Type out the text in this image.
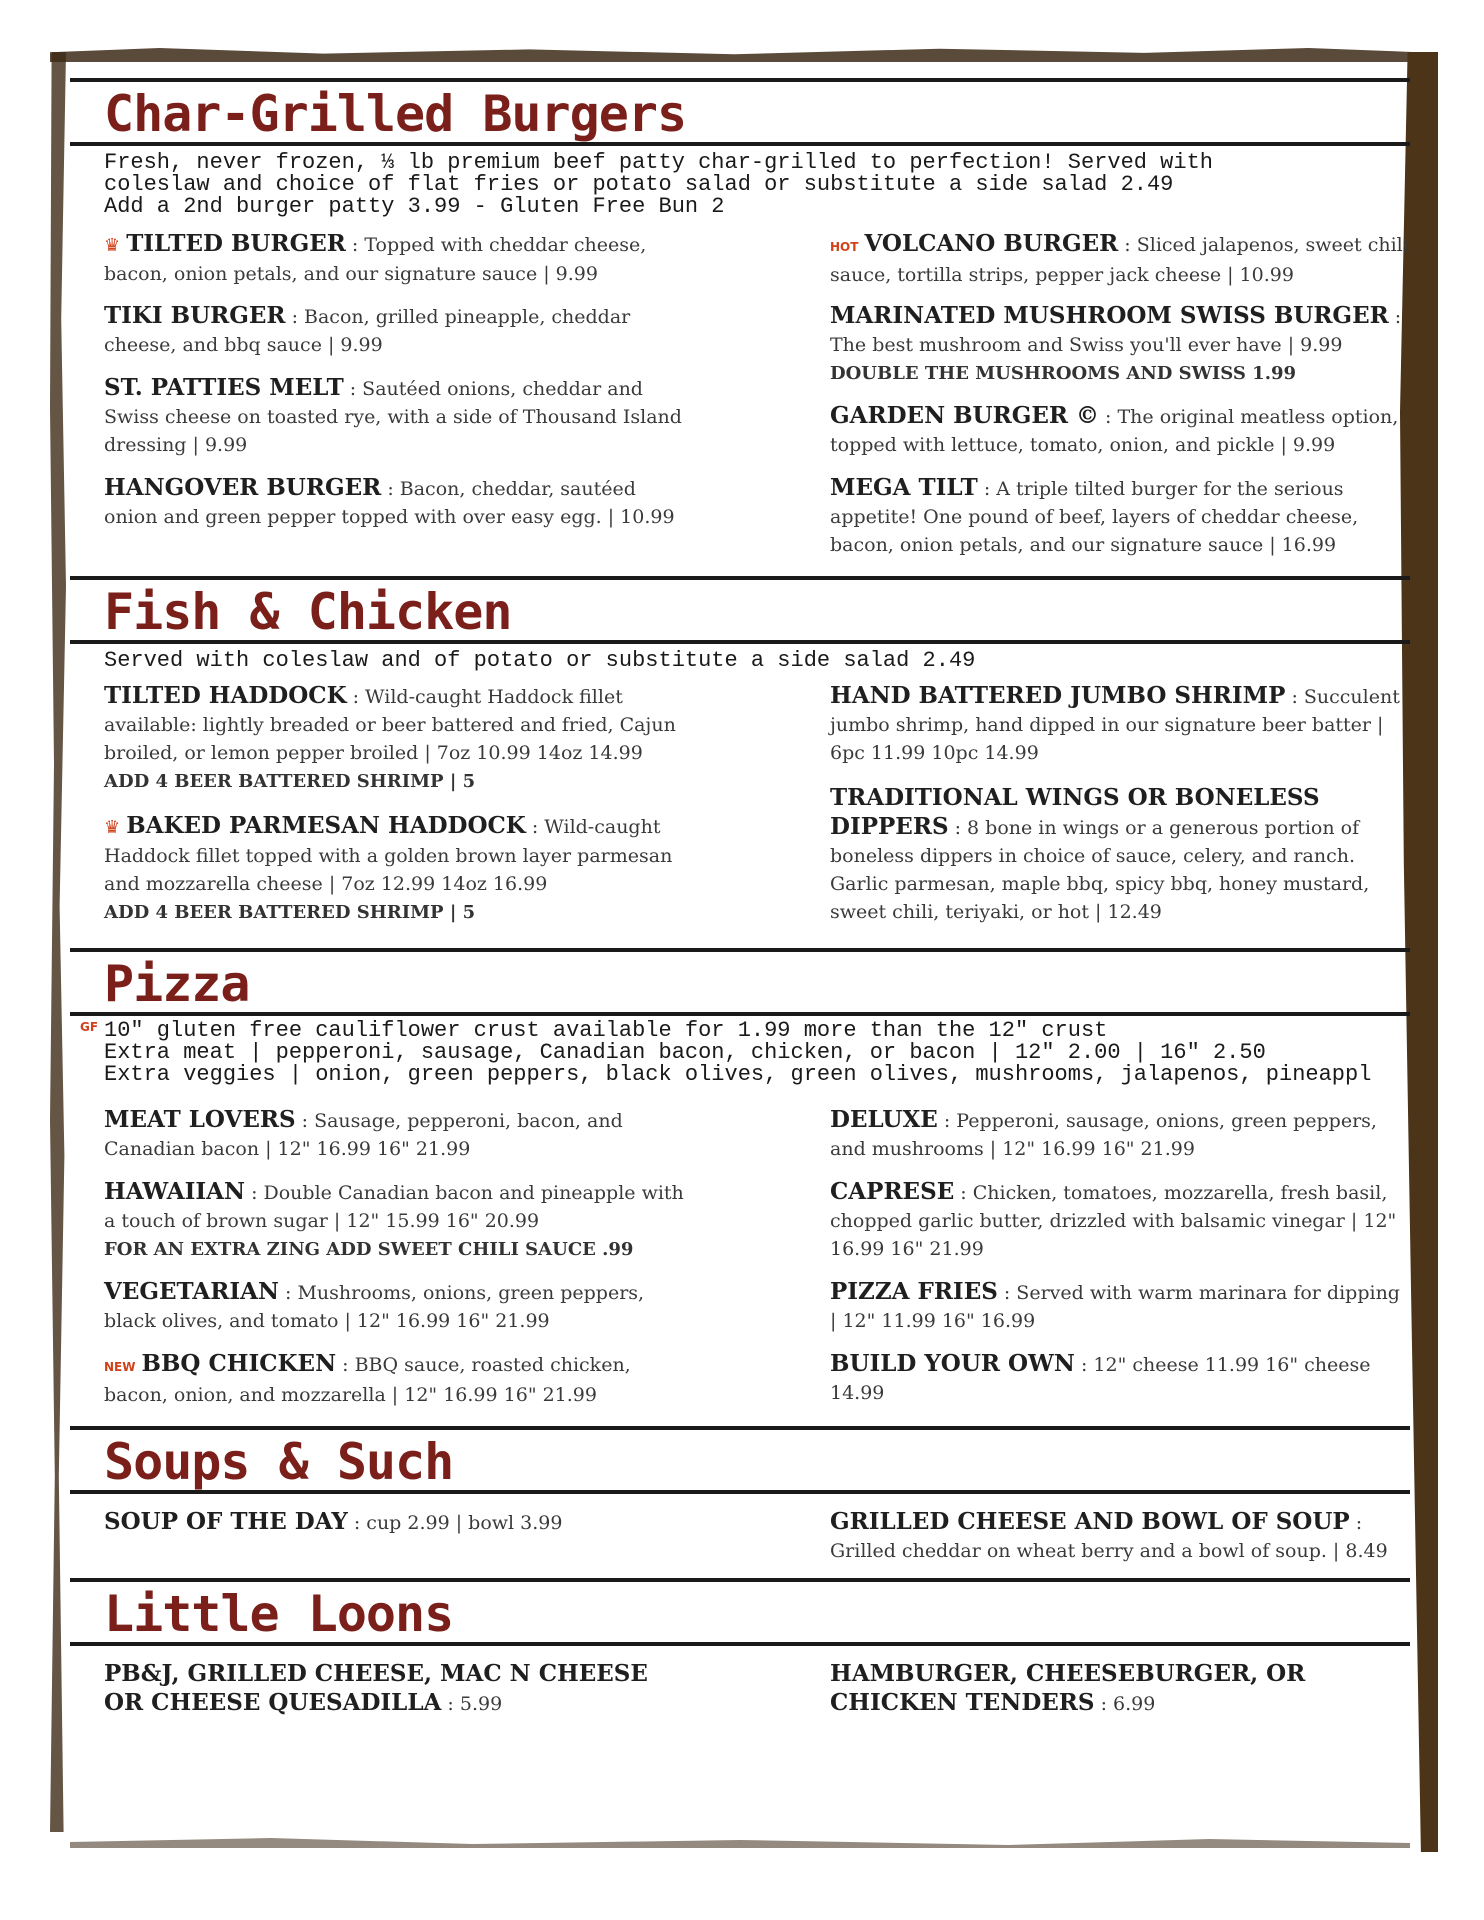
Char-Grilled Burgers
Fresh, never frozen, ⅓ lb premium beef patty char-grilled to perfection! Served with
coleslaw and choice of flat fries or potato salad or substitute a side salad 2.49
Add a 2nd burger patty 3.99 - Gluten Free Bun 2
♛ TILTED BURGER : Topped with cheddar cheese, bacon, onion petals, and our signature sauce | 9.99
TIKI BURGER : Bacon, grilled pineapple, cheddar cheese, and bbq sauce | 9.99
ST. PATTIES MELT : Sautéed onions, cheddar and Swiss cheese on toasted rye, with a side of Thousand Island dressing | 9.99
HANGOVER BURGER : Bacon, cheddar, sautéed onion and green pepper topped with over easy egg. | 10.99
HOT VOLCANO BURGER : Sliced jalapenos, sweet chili sauce, tortilla strips, pepper jack cheese | 10.99
MARINATED MUSHROOM SWISS BURGER : The best mushroom and Swiss you'll ever have | 9.99
DOUBLE THE MUSHROOMS AND SWISS 1.99
GARDEN BURGER © : The original meatless option, topped with lettuce, tomato, onion, and pickle | 9.99
MEGA TILT : A triple tilted burger for the serious appetite! One pound of beef, layers of cheddar cheese, bacon, onion petals, and our signature sauce | 16.99
Fish & Chicken
Served with coleslaw and of potato or substitute a side salad 2.49
TILTED HADDOCK : Wild-caught Haddock fillet available: lightly breaded or beer battered and fried, Cajun broiled, or lemon pepper broiled | 7oz 10.99 14oz 14.99
ADD 4 BEER BATTERED SHRIMP | 5
♛ BAKED PARMESAN HADDOCK : Wild-caught Haddock fillet topped with a golden brown layer parmesan and mozzarella cheese | 7oz 12.99 14oz 16.99
ADD 4 BEER BATTERED SHRIMP | 5
HAND BATTERED JUMBO SHRIMP : Succulent jumbo shrimp, hand dipped in our signature beer batter | 6pc 11.99 10pc 14.99
TRADITIONAL WINGS OR BONELESS DIPPERS : 8 bone in wings or a generous portion of boneless dippers in choice of sauce, celery, and ranch. Garlic parmesan, maple bbq, spicy bbq, honey mustard, sweet chili, teriyaki, or hot | 12.49
Pizza
GF 10" gluten free cauliflower crust available for 1.99 more than the 12" crust
Extra meat | pepperoni, sausage, Canadian bacon, chicken, or bacon | 12" 2.00 | 16" 2.50
Extra veggies | onion, green peppers, black olives, green olives, mushrooms, jalapenos, pineappl
MEAT LOVERS : Sausage, pepperoni, bacon, and Canadian bacon | 12" 16.99 16" 21.99
HAWAIIAN : Double Canadian bacon and pineapple with a touch of brown sugar | 12" 15.99 16" 20.99
FOR AN EXTRA ZING ADD SWEET CHILI SAUCE .99
VEGETARIAN : Mushrooms, onions, green peppers, black olives, and tomato | 12" 16.99 16" 21.99
NEW BBQ CHICKEN : BBQ sauce, roasted chicken, bacon, onion, and mozzarella | 12" 16.99 16" 21.99
DELUXE : Pepperoni, sausage, onions, green peppers, and mushrooms | 12" 16.99 16" 21.99
CAPRESE : Chicken, tomatoes, mozzarella, fresh basil, chopped garlic butter, drizzled with balsamic vinegar | 12" 16.99 16" 21.99
PIZZA FRIES : Served with warm marinara for dipping | 12" 11.99 16" 16.99
BUILD YOUR OWN : 12" cheese 11.99 16" cheese 14.99
Soups & Such
SOUP OF THE DAY : cup 2.99 | bowl 3.99	GRILLED CHEESE AND BOWL OF SOUP : Grilled cheddar on wheat berry and a bowl of soup. | 8.49
Little Loons
PB&J, GRILLED CHEESE, MAC N CHEESE OR CHEESE QUESADILLA : 5.99
HAMBURGER, CHEESEBURGER, OR CHICKEN TENDERS : 6.99
